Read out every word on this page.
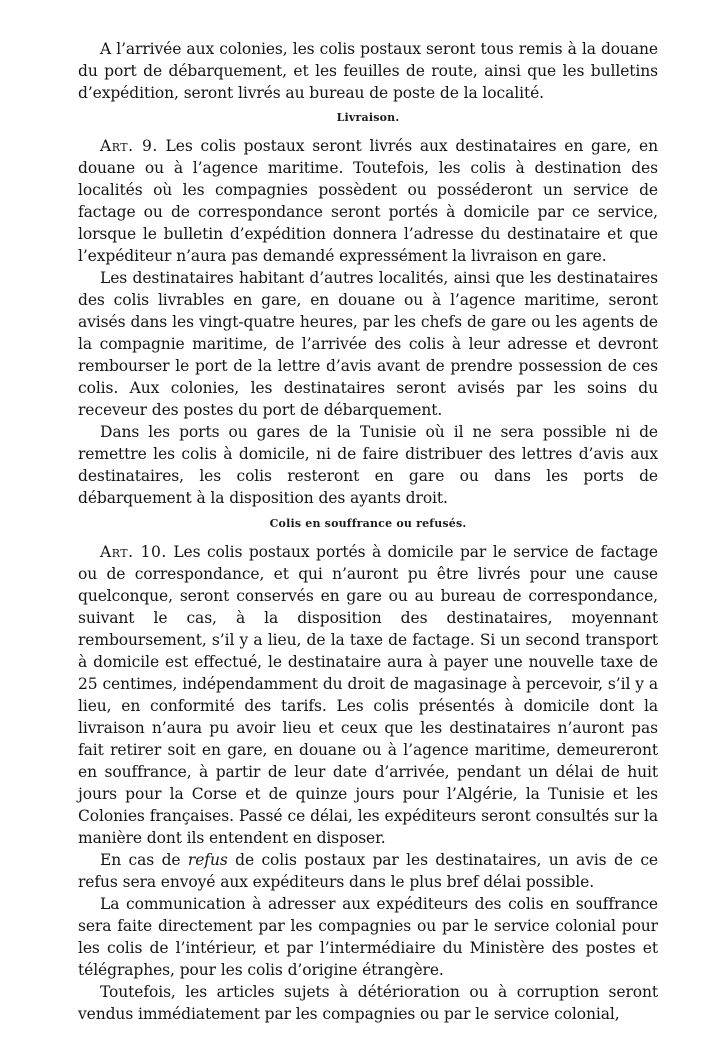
A l’arrivée aux colonies, les colis postaux seront tous remis à la douane du port de débarquement, et les feuilles de route, ainsi que les bulletins d’expédition, seront livrés au bureau de poste de la localité.

Livraison.

Art. 9. Les colis postaux seront livrés aux destinataires en gare, en douane ou à l’agence maritime. Toutefois, les colis à destination des localités où les compagnies possèdent ou posséderont un service de factage ou de correspondance seront portés à domicile par ce service, lorsque le bulletin d’expédition donnera l’adresse du destinataire et que l’expéditeur n’aura pas demandé expressément la livraison en gare.

Les destinataires habitant d’autres localités, ainsi que les destinataires des colis livrables en gare, en douane ou à l’agence maritime, seront avisés dans les vingt-quatre heures, par les chefs de gare ou les agents de la compagnie maritime, de l’arrivée des colis à leur adresse et devront rembourser le port de la lettre d’avis avant de prendre possession de ces colis. Aux colonies, les destinataires seront avisés par les soins du receveur des postes du port de débarquement.

Dans les ports ou gares de la Tunisie où il ne sera possible ni de remettre les colis à domicile, ni de faire distribuer des lettres d’avis aux destinataires, les colis resteront en gare ou dans les ports de débarquement à la disposition des ayants droit.

Colis en souffrance ou refusés.

Art. 10. Les colis postaux portés à domicile par le service de factage ou de correspondance, et qui n’auront pu être livrés pour une cause quelconque, seront conservés en gare ou au bureau de correspondance, suivant le cas, à la disposition des destinataires, moyennant remboursement, s’il y a lieu, de la taxe de factage. Si un second transport à domicile est effectué, le destinataire aura à payer une nouvelle taxe de 25 centimes, indépendamment du droit de magasinage à percevoir, s’il y a lieu, en conformité des tarifs. Les colis présentés à domicile dont la livraison n’aura pu avoir lieu et ceux que les destinataires n’auront pas fait retirer soit en gare, en douane ou à l’agence maritime, demeureront en souffrance, à partir de leur date d’arrivée, pendant un délai de huit jours pour la Corse et de quinze jours pour l’Algérie, la Tunisie et les Colonies françaises. Passé ce délai, les expéditeurs seront consultés sur la manière dont ils entendent en disposer.

En cas de refus de colis postaux par les destinataires, un avis de ce refus sera envoyé aux expéditeurs dans le plus bref délai possible.

La communication à adresser aux expéditeurs des colis en souffrance sera faite directement par les compagnies ou par le service colonial pour les colis de l’intérieur, et par l’intermédiaire du Ministère des postes et télégraphes, pour les colis d’origine étrangère.

Toutefois, les articles sujets à détérioration ou à corruption seront vendus immédiatement par les compagnies ou par le service colonial,
